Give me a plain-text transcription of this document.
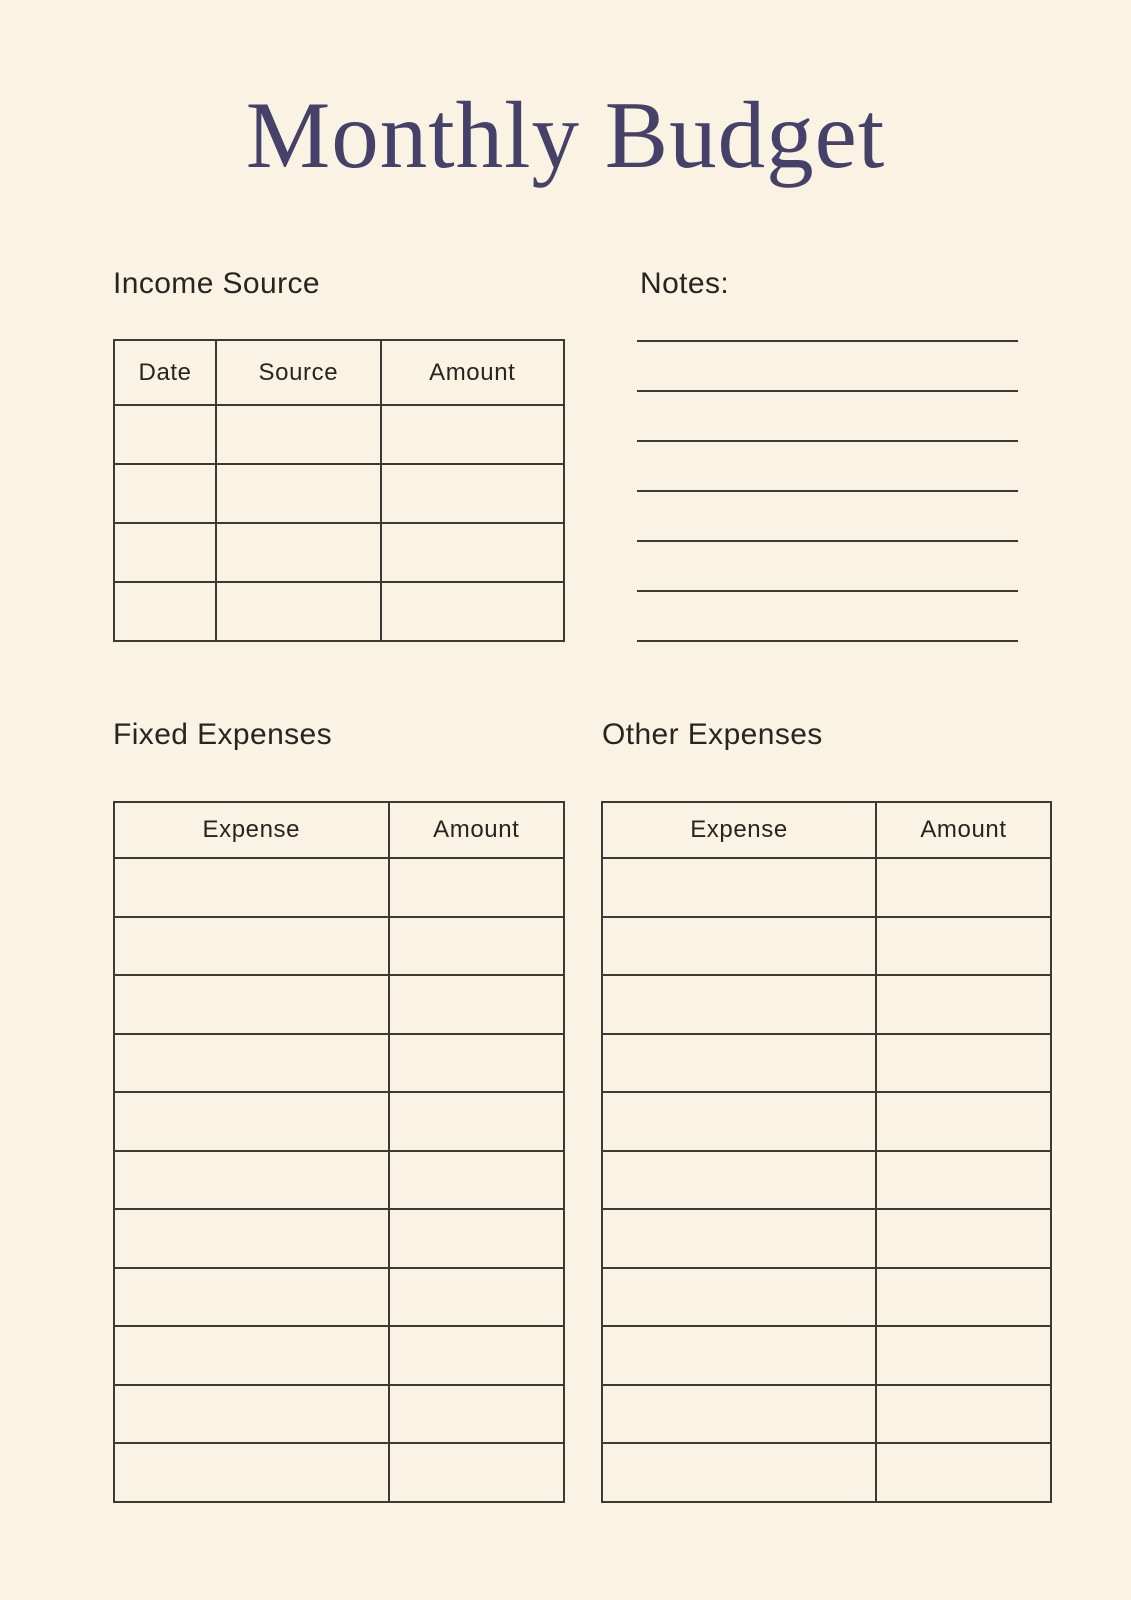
Monthly Budget
Income Source
Date	Source	Amount
Notes:
Fixed Expenses
Expense	Amount
Other Expenses
Expense	Amount
